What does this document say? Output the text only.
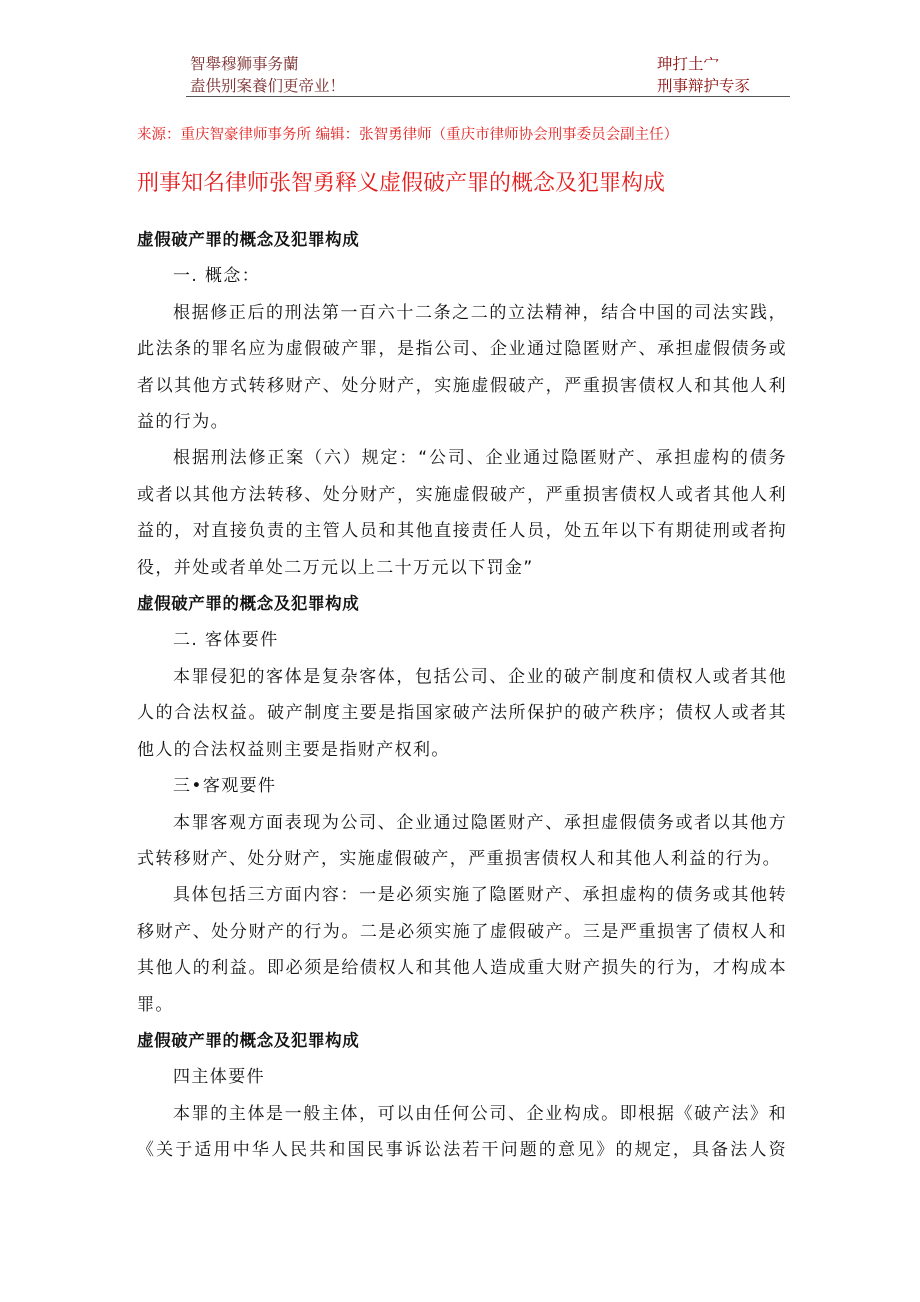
智舉穆狮事务蘭
盍供别案養们更帝业！
珅打土宀
刑事辩护专豕
来源：重庆智豪律师事务所 编辑：张智勇律师（重庆市律师协会刑事委员会副主任）
刑事知名律师张智勇释义虚假破产罪的概念及犯罪构成
虚假破产罪的概念及犯罪构成
一. 概念：
根据修正后的刑法第一百六十二条之二的立法精神，结合中国的司法实践，
此法条的罪名应为虚假破产罪，是指公司、企业通过隐匿财产、承担虚假债务或
者以其他方式转移财产、处分财产，实施虚假破产，严重损害债权人和其他人利
益的行为。
根据刑法修正案（六）规定：“公司、企业通过隐匿财产、承担虚构的债务
或者以其他方法转移、处分财产，实施虚假破产，严重损害债权人或者其他人利
益的，对直接负责的主管人员和其他直接责任人员，处五年以下有期徒刑或者拘
役，并处或者单处二万元以上二十万元以下罚金”
虚假破产罪的概念及犯罪构成
二. 客体要件
本罪侵犯的客体是复杂客体，包括公司、企业的破产制度和债权人或者其他
人的合法权益。破产制度主要是指国家破产法所保护的破产秩序；债权人或者其
他人的合法权益则主要是指财产权利。
三•客观要件
本罪客观方面表现为公司、企业通过隐匿财产、承担虚假债务或者以其他方
式转移财产、处分财产，实施虚假破产，严重损害债权人和其他人利益的行为。
具体包括三方面内容：一是必须实施了隐匿财产、承担虚构的债务或其他转
移财产、处分财产的行为。二是必须实施了虚假破产。三是严重损害了债权人和
其他人的利益。即必须是给债权人和其他人造成重大财产损失的行为，才构成本
罪。
虚假破产罪的概念及犯罪构成
四主体要件
本罪的主体是一般主体，可以由任何公司、企业构成。即根据《破产法》和
《关于适用中华人民共和国民事诉讼法若干问题的意见》的规定，具备法人资
